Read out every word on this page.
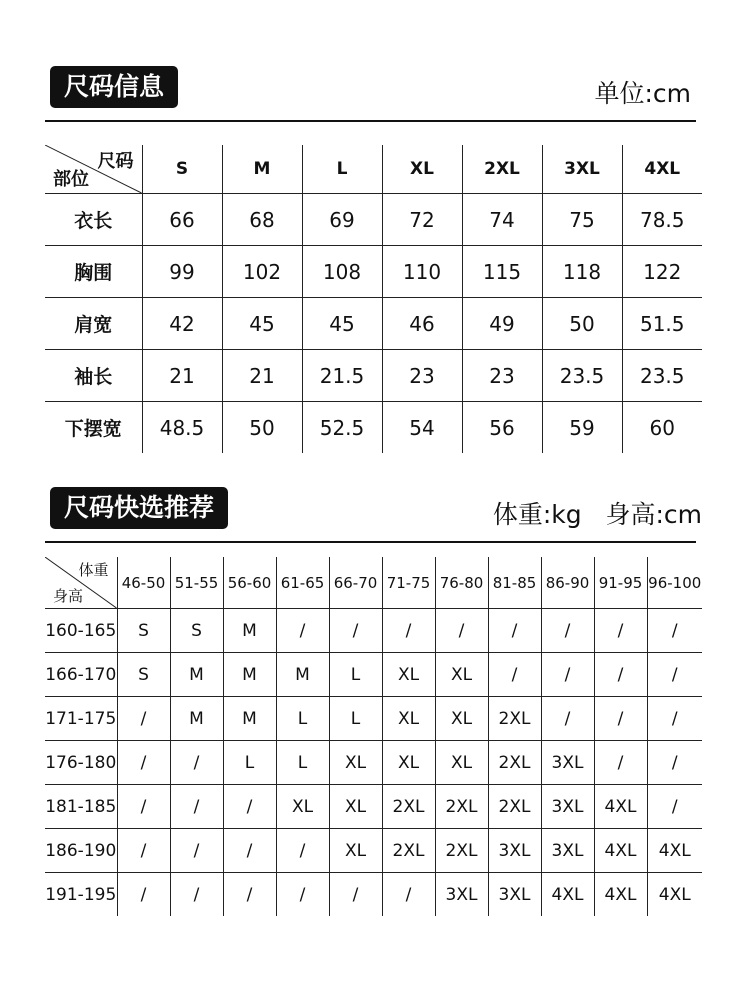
尺码信息	单位:cm
尺码
部位	S	M	L	XL	2XL	3XL	4XL
衣长	66	68	69	72	74	75	78.5
胸围	99	102	108	110	115	118	122
肩宽	42	45	45	46	49	50	51.5
袖长	21	21	21.5	23	23	23.5	23.5
下摆宽	48.5	50	52.5	54	56	59	60
尺码快选推荐	体重:kg   身高:cm
体重
身高	46-50	51-55	56-60	61-65	66-70	71-75	76-80	81-85	86-90	91-95	96-100
160-165	S	S	M	/	/	/	/	/	/	/	/
166-170	S	M	M	M	L	XL	XL	/	/	/	/
171-175	/	M	M	L	L	XL	XL	2XL	/	/	/
176-180	/	/	L	L	XL	XL	XL	2XL	3XL	/	/
181-185	/	/	/	XL	XL	2XL	2XL	2XL	3XL	4XL	/
186-190	/	/	/	/	XL	2XL	2XL	3XL	3XL	4XL	4XL
191-195	/	/	/	/	/	/	3XL	3XL	4XL	4XL	4XL
